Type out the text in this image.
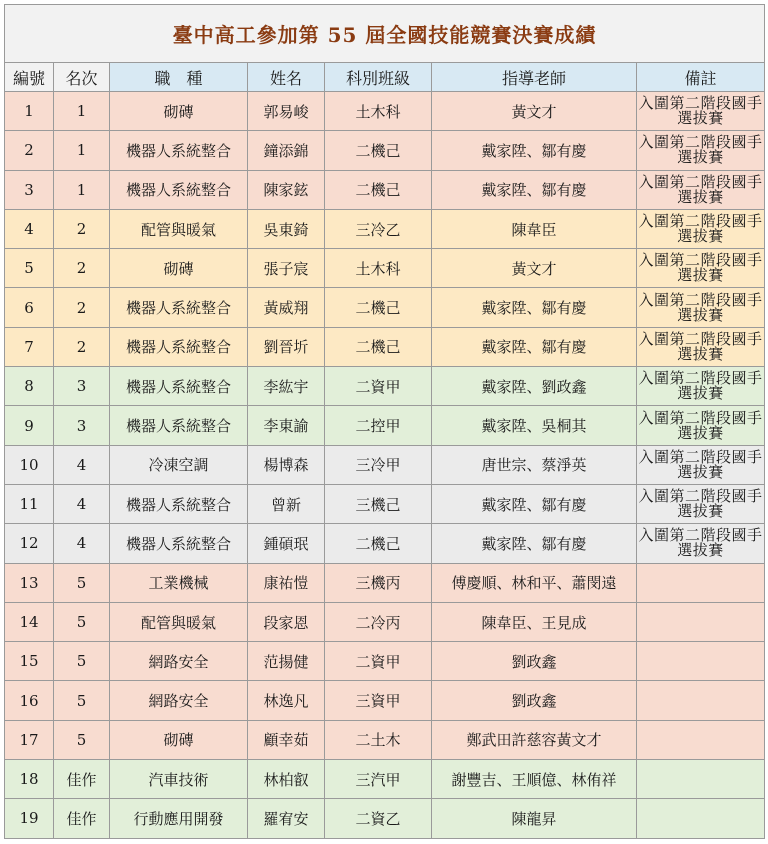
臺中高工參加第 55 屆全國技能競賽決賽成績						
編號	名次	職　種	姓名	科別班級	指導老師	備註
1	1	砌磚	郭易峻	土木科	黃文才	入圍第二階段國手選拔賽
2	1	機器人系統整合	鐘添錦	二機己	戴家陞、鄒有慶	入圍第二階段國手選拔賽
3	1	機器人系統整合	陳家鉉	二機己	戴家陞、鄒有慶	入圍第二階段國手選拔賽
4	2	配管與暖氣	吳東錡	三冷乙	陳韋臣	入圍第二階段國手選拔賽
5	2	砌磚	張子宸	土木科	黃文才	入圍第二階段國手選拔賽
6	2	機器人系統整合	黃威翔	二機己	戴家陞、鄒有慶	入圍第二階段國手選拔賽
7	2	機器人系統整合	劉晉圻	二機己	戴家陞、鄒有慶	入圍第二階段國手選拔賽
8	3	機器人系統整合	李紘宇	二資甲	戴家陞、劉政鑫	入圍第二階段國手選拔賽
9	3	機器人系統整合	李東諭	二控甲	戴家陞、吳桐其	入圍第二階段國手選拔賽
10	4	冷凍空調	楊博森	三冷甲	唐世宗、蔡淨英	入圍第二階段國手選拔賽
11	4	機器人系統整合	曾新	三機己	戴家陞、鄒有慶	入圍第二階段國手選拔賽
12	4	機器人系統整合	鍾碩珉	二機己	戴家陞、鄒有慶	入圍第二階段國手選拔賽
13	5	工業機械	康祐愷	三機丙	傅慶順、林和平、蕭閔遠	
14	5	配管與暖氣	段家恩	二冷丙	陳韋臣、王見成	
15	5	網路安全	范揚健	二資甲	劉政鑫	
16	5	網路安全	林逸凡	三資甲	劉政鑫	
17	5	砌磚	顧幸茹	二土木	鄭武田許慈容黃文才	
18	佳作	汽車技術	林柏叡	三汽甲	謝豐吉、王順億、林侑祥	
19	佳作	行動應用開發	羅宥安	二資乙	陳龍昇	
